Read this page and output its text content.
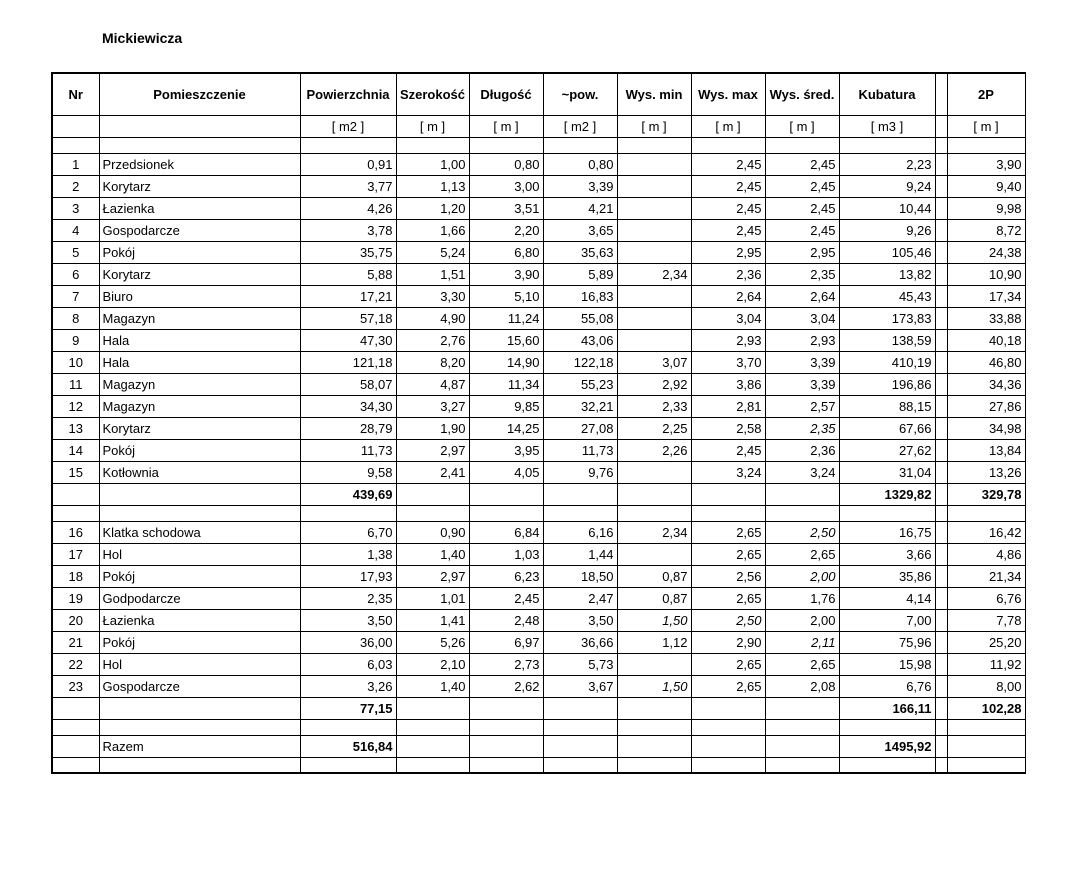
Mickiewicza
Nr	Pomieszczenie	Powierzchnia	Szerokość	Długość	~pow.	Wys. min	Wys. max	Wys. śred.	Kubatura		2P
		[ m2 ]	[ m ]	[ m ]	[ m2 ]	[ m ]	[ m ]	[ m ]	[ m3 ]		[ m ]

1	Przedsionek	0,91	1,00	0,80	0,80		2,45	2,45	2,23		3,90
2	Korytarz	3,77	1,13	3,00	3,39		2,45	2,45	9,24		9,40
3	Łazienka	4,26	1,20	3,51	4,21		2,45	2,45	10,44		9,98
4	Gospodarcze	3,78	1,66	2,20	3,65		2,45	2,45	9,26		8,72
5	Pokój	35,75	5,24	6,80	35,63		2,95	2,95	105,46		24,38
6	Korytarz	5,88	1,51	3,90	5,89	2,34	2,36	2,35	13,82		10,90
7	Biuro	17,21	3,30	5,10	16,83		2,64	2,64	45,43		17,34
8	Magazyn	57,18	4,90	11,24	55,08		3,04	3,04	173,83		33,88
9	Hala	47,30	2,76	15,60	43,06		2,93	2,93	138,59		40,18
10	Hala	121,18	8,20	14,90	122,18	3,07	3,70	3,39	410,19		46,80
11	Magazyn	58,07	4,87	11,34	55,23	2,92	3,86	3,39	196,86		34,36
12	Magazyn	34,30	3,27	9,85	32,21	2,33	2,81	2,57	88,15		27,86
13	Korytarz	28,79	1,90	14,25	27,08	2,25	2,58	2,35	67,66		34,98
14	Pokój	11,73	2,97	3,95	11,73	2,26	2,45	2,36	27,62		13,84
15	Kotłownia	9,58	2,41	4,05	9,76		3,24	3,24	31,04		13,26
		439,69							1329,82		329,78

16	Klatka schodowa	6,70	0,90	6,84	6,16	2,34	2,65	2,50	16,75		16,42
17	Hol	1,38	1,40	1,03	1,44		2,65	2,65	3,66		4,86
18	Pokój	17,93	2,97	6,23	18,50	0,87	2,56	2,00	35,86		21,34
19	Godpodarcze	2,35	1,01	2,45	2,47	0,87	2,65	1,76	4,14		6,76
20	Łazienka	3,50	1,41	2,48	3,50	1,50	2,50	2,00	7,00		7,78
21	Pokój	36,00	5,26	6,97	36,66	1,12	2,90	2,11	75,96		25,20
22	Hol	6,03	2,10	2,73	5,73		2,65	2,65	15,98		11,92
23	Gospodarcze	3,26	1,40	2,62	3,67	1,50	2,65	2,08	6,76		8,00
		77,15							166,11		102,28

	Razem	516,84							1495,92		
